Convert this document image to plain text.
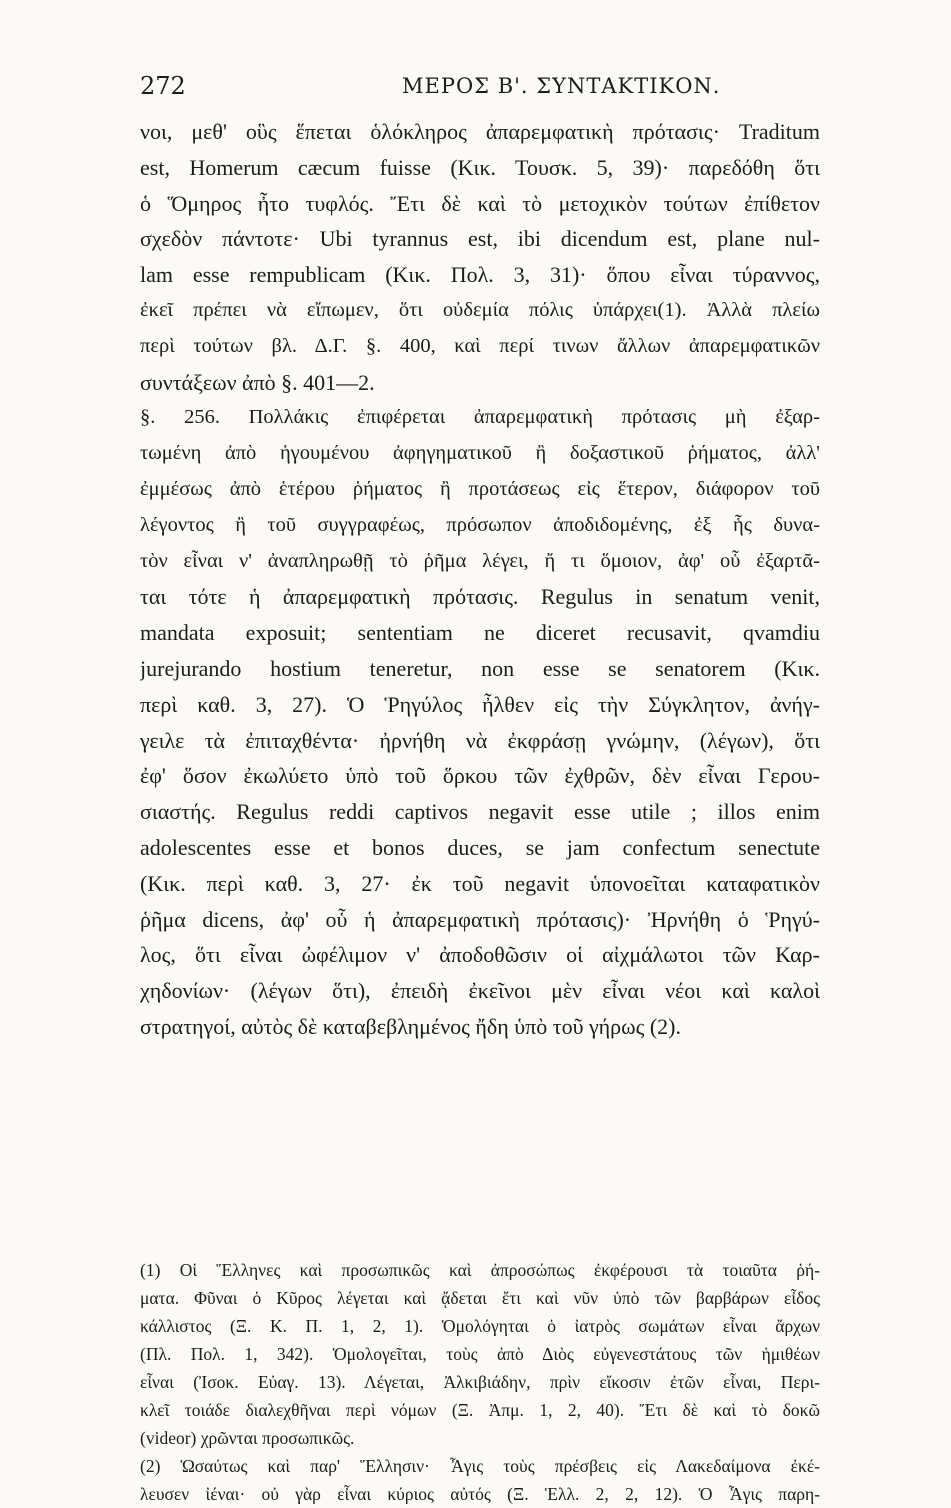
272	ΜΕΡΟΣ Β'. ΣΥΝΤΑΚΤΙΚΟΝ.
νοι, μεθ' οὓς ἕπεται ὁλόκληρος ἀπαρεμφατικὴ πρότασις· Traditum
est, Homerum cæcum fuisse (Κικ. Τουσκ. 5, 39)· παρεδόθη ὅτι
ὁ Ὅμηρος ἦτο τυφλός. Ἔτι δὲ καὶ τὸ μετοχικὸν τούτων ἐπίθετον
σχεδὸν πάντοτε· Ubi tyrannus est, ibi dicendum est, plane nul-
lam esse rempublicam (Κικ. Πολ. 3, 31)· ὅπου εἶναι τύραννος,
ἐκεῖ πρέπει νὰ εἴπωμεν, ὅτι οὐδεμία πόλις ὑπάρχει(1). Ἀλλὰ πλείω
περὶ τούτων βλ. Δ.Γ. §. 400, καὶ περί τινων ἄλλων ἀπαρεμφατικῶν
συντάξεων ἀπὸ §. 401—2.
§. 256. Πολλάκις ἐπιφέρεται ἀπαρεμφατικὴ πρότασις μὴ ἐξαρ-
τωμένη ἀπὸ ἡγουμένου ἀφηγηματικοῦ ἢ δοξαστικοῦ ῥήματος, ἀλλ'
ἐμμέσως ἀπὸ ἑτέρου ῥήματος ἢ προτάσεως εἰς ἕτερον, διάφορον τοῦ
λέγοντος ἢ τοῦ συγγραφέως, πρόσωπον ἀποδιδομένης, ἐξ ἧς δυνα-
τὸν εἶναι ν' ἀναπληρωθῇ τὸ ῥῆμα λέγει, ἤ τι ὅμοιον, ἀφ' οὗ ἐξαρτᾶ-
ται τότε ἡ ἀπαρεμφατικὴ πρότασις. Regulus in senatum venit,
mandata exposuit; sententiam ne diceret recusavit, qvamdiu
jurejurando hostium teneretur, non esse se senatorem (Κικ.
περὶ καθ. 3, 27). Ὁ Ῥηγύλος ἦλθεν εἰς τὴν Σύγκλητον, ἀνήγ-
γειλε τὰ ἐπιταχθέντα· ἠρνήθη νὰ ἐκφράσῃ γνώμην, (λέγων), ὅτι
ἐφ' ὅσον ἐκωλύετο ὑπὸ τοῦ ὅρκου τῶν ἐχθρῶν, δὲν εἶναι Γερου-
σιαστής. Regulus reddi captivos negavit esse utile ; illos enim
adolescentes esse et bonos duces, se jam confectum senectute
(Κικ. περὶ καθ. 3, 27· ἐκ τοῦ negavit ὑπονοεῖται καταφατικὸν
ῥῆμα dicens, ἀφ' οὗ ἡ ἀπαρεμφατικὴ πρότασις)· Ἠρνήθη ὁ Ῥηγύ-
λος, ὅτι εἶναι ὠφέλιμον ν' ἀποδοθῶσιν οἱ αἰχμάλωτοι τῶν Καρ-
χηδονίων· (λέγων ὅτι), ἐπειδὴ ἐκεῖνοι μὲν εἶναι νέοι καὶ καλοὶ
στρατηγοί, αὐτὸς δὲ καταβεβλημένος ἤδη ὑπὸ τοῦ γήρως (2).
(1) Οἱ Ἕλληνες καὶ προσωπικῶς καὶ ἀπροσώπως ἐκφέρουσι τὰ τοιαῦτα ῥή-
ματα. Φῦναι ὁ Κῦρος λέγεται καὶ ᾄδεται ἔτι καὶ νῦν ὑπὸ τῶν βαρβάρων εἶδος
κάλλιστος (Ξ. Κ. Π. 1, 2, 1). Ὁμολόγηται ὁ ἰατρὸς σωμάτων εἶναι ἄρχων
(Πλ. Πολ. 1, 342). Ὁμολογεῖται, τοὺς ἀπὸ Διὸς εὐγενεστάτους τῶν ἡμιθέων
εἶναι (Ἰσοκ. Εὐαγ. 13). Λέγεται, Ἀλκιβιάδην, πρὶν εἴκοσιν ἐτῶν εἶναι, Περι-
κλεῖ τοιάδε διαλεχθῆναι περὶ νόμων (Ξ. Ἀπμ. 1, 2, 40). Ἔτι δὲ καὶ τὸ δοκῶ
(videor) χρῶνται προσωπικῶς.
(2) Ὡσαύτως καὶ παρ' Ἕλλησιν· Ἆγις τοὺς πρέσβεις εἰς Λακεδαίμονα ἐκέ-
λευσεν ἰέναι· οὐ γὰρ εἶναι κύριος αὐτός (Ξ. Ἑλλ. 2, 2, 12). Ὁ Ἆγις παρη-
